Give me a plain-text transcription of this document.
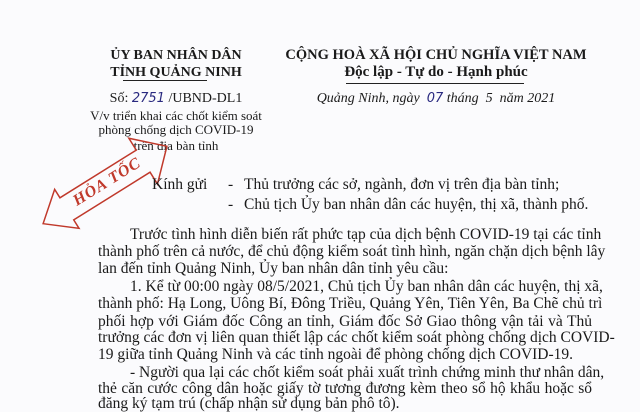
ỦY BAN NHÂN DÂN
TỈNH QUẢNG NINH
Số: 2751 /UBND-DL1
V/v triển khai các chốt kiểm soát
phòng chống dịch COVID-19
trên địa bàn tỉnh
CỘNG HOÀ XÃ HỘI CHỦ NGHĨA VIỆT NAM
Độc lập - Tự do - Hạnh phúc
Quảng Ninh, ngày 07 tháng  5  năm 2021
HỎA TỐC Kính gửi - Thủ trưởng các sở, ngành, đơn vị trên địa bàn tỉnh;
- Chủ tịch Ủy ban nhân dân các huyện, thị xã, thành phố.
Trước tình hình diễn biến rất phức tạp của dịch bệnh COVID-19 tại các tỉnh
thành phố trên cả nước, để chủ động kiểm soát tình hình, ngăn chặn dịch bệnh lây
lan đến tỉnh Quảng Ninh, Ủy ban nhân dân tỉnh yêu cầu:
1. Kể từ 00:00 ngày 08/5/2021, Chủ tịch Ủy ban nhân dân các huyện, thị xã,
thành phố: Hạ Long, Uông Bí, Đông Triều, Quảng Yên, Tiên Yên, Ba Chẽ chủ trì
phối hợp với Giám đốc Công an tỉnh, Giám đốc Sở Giao thông vận tải và Thủ
trưởng các đơn vị liên quan thiết lập các chốt kiểm soát phòng chống dịch COVID-
19 giữa tỉnh Quảng Ninh và các tỉnh ngoài để phòng chống dịch COVID-19.
- Người qua lại các chốt kiểm soát phải xuất trình chứng minh thư nhân dân,
thẻ căn cước công dân hoặc giấy tờ tương đương kèm theo sổ hộ khẩu hoặc sổ
đăng ký tạm trú (chấp nhận sử dụng bản phô tô).
